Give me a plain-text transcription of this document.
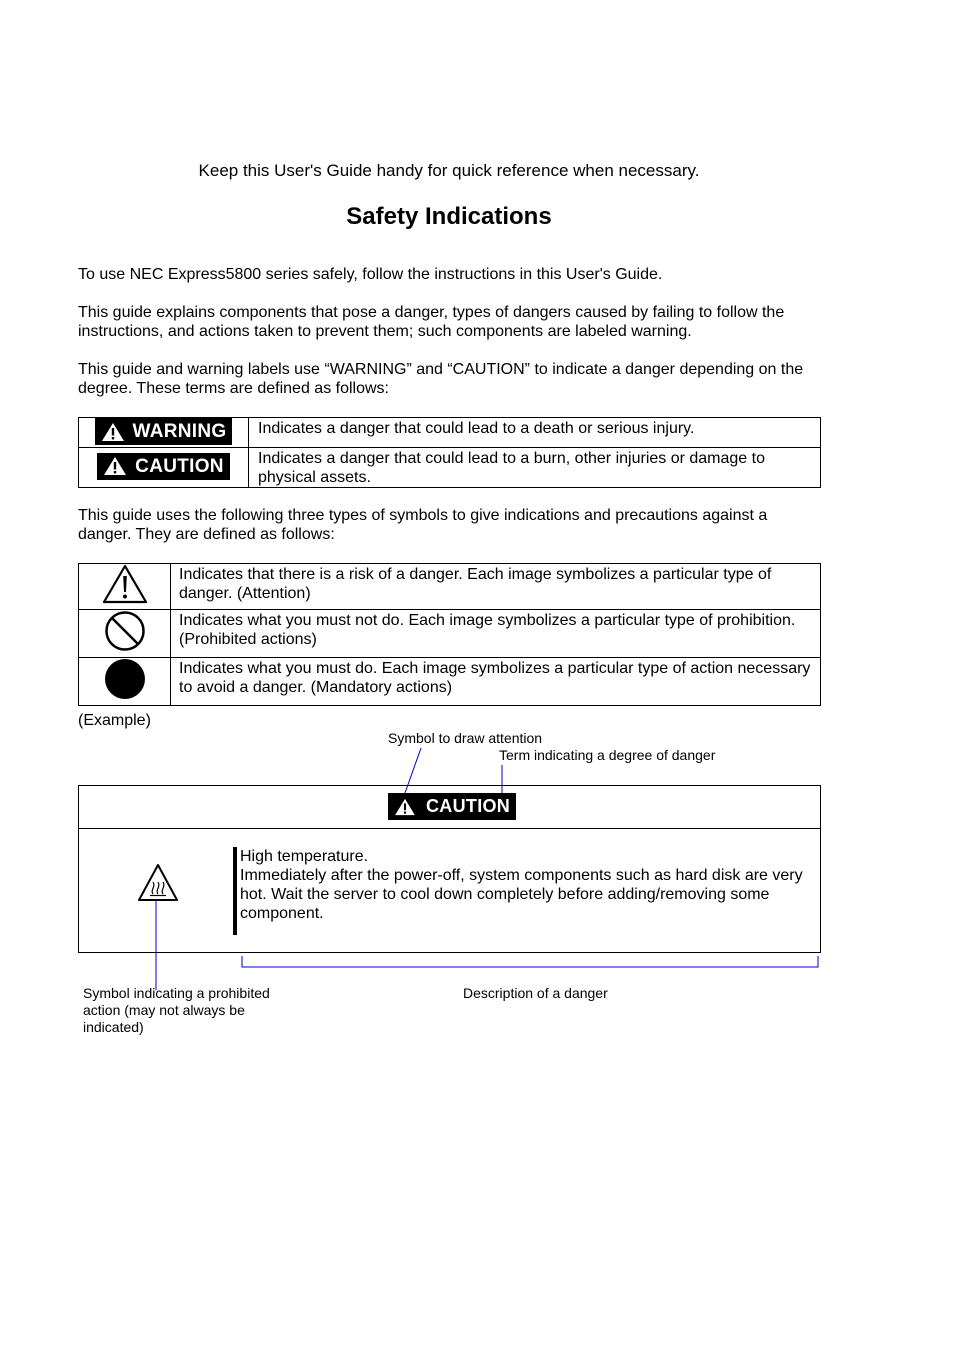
Keep this User's Guide handy for quick reference when necessary.
Safety Indications

To use NEC Express5800 series safely, follow the instructions in this User's Guide.

This guide explains components that pose a danger, types of dangers caused by failing to follow the instructions, and actions taken to prevent them; such components are labeled warning.

This guide and warning labels use “WARNING” and “CAUTION” to indicate a danger depending on the degree. These terms are defined as follows:

WARNING	Indicates a danger that could lead to a death or serious injury.

CAUTION	Indicates a danger that could lead to a burn, other injuries or damage to physical assets.

This guide uses the following three types of symbols to give indications and precautions against a danger. They are defined as follows:

	Indicates that there is a risk of a danger. Each image symbolizes a particular type of danger. (Attention)
	Indicates what you must not do. Each image symbolizes a particular type of prohibition. (Prohibited actions)
	Indicates what you must do. Each image symbolizes a particular type of action necessary to avoid a danger. (Mandatory actions)

(Example)

Symbol to draw attention
Term indicating a degree of danger
CAUTION
High temperature.
Immediately after the power-off, system components such as hard disk are very hot. Wait the server to cool down completely before adding/removing some component.
Symbol indicating a prohibited action (may not always be indicated)
Description of a danger
